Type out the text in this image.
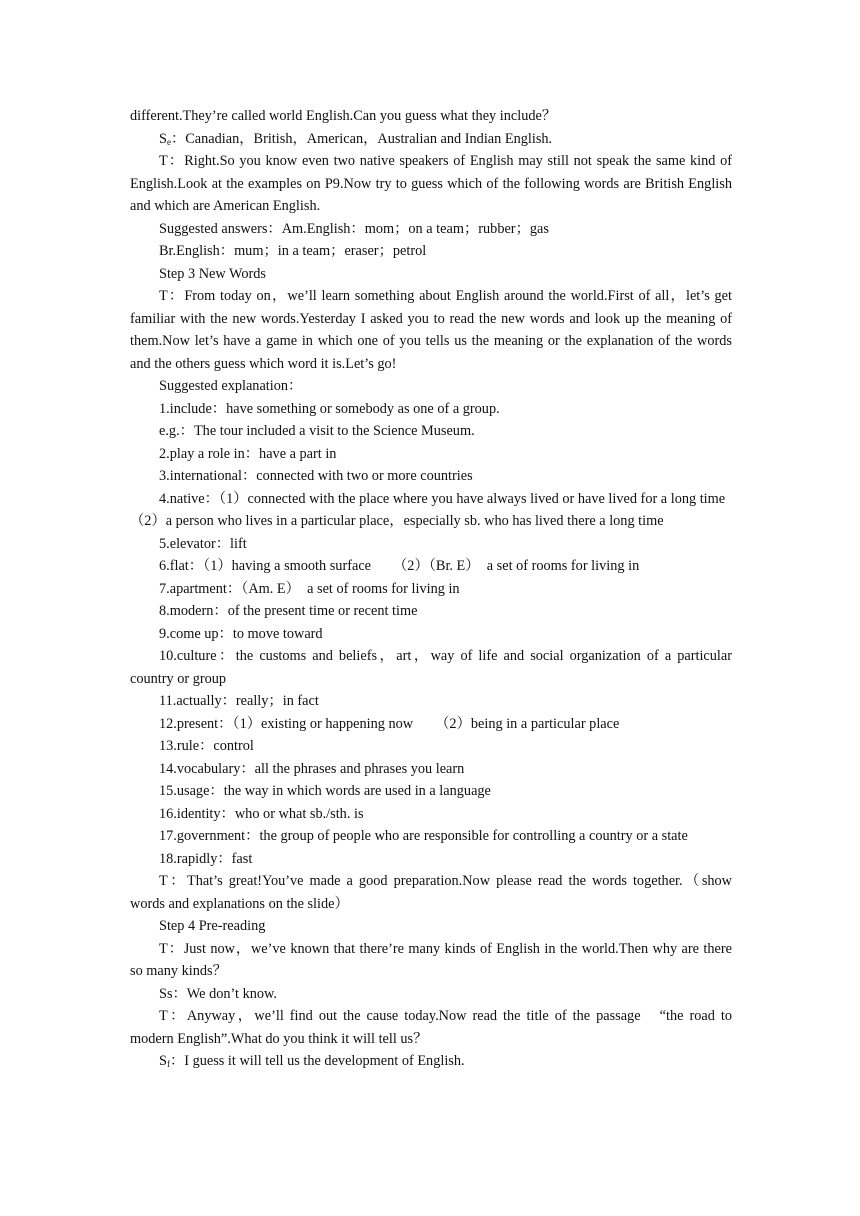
different.They’re called world English.Can you guess what they include？

$S_e$：Canadian，British，American，Australian and Indian English.

T：Right.So you know even two native speakers of English may still not speak the same kind of English.Look at the examples on P9.Now try to guess which of the following words are British English and which are American English.

Suggested answers：Am.English：mom；on a team；rubber；gas

Br.English：mum；in a team；eraser；petrol

Step 3 New Words

T：From today on，we’ll learn something about English around the world.First of all，let’s get familiar with the new words.Yesterday I asked you to read the new words and look up the meaning of them.Now let’s have a game in which one of you tells us the meaning or the explanation of the words and the others guess which word it is.Let’s go!

Suggested explanation：

1.include：have something or somebody as one of a group.

e.g.：The tour included a visit to the Science Museum.

2.play a role in：have a part in

3.international：connected with two or more countries

4.native：（1）connected with the place where you have always lived or have lived for a long time

（2）a person who lives in a particular place，especially sb. who has lived there a long time

5.elevator：lift

6.flat：（1）having a smooth surface （2）（Br. E）　a set of rooms for living in

7.apartment：（Am. E）　a set of rooms for living in

8.modern：of the present time or recent time

9.come up：to move toward

10.culture：the customs and beliefs，art，way of life and social organization of a particular country or group

11.actually：really；in fact

12.present：（1）existing or happening now （2）being in a particular place

13.rule：control

14.vocabulary：all the phrases and phrases you learn

15.usage：the way in which words are used in a language

16.identity：who or what sb./sth. is

17.government：the group of people who are responsible for controlling a country or a state

18.rapidly：fast

T：That’s great!You’ve made a good preparation.Now please read the words together.（show words and explanations on the slide）

Step 4 Pre-reading

T：Just now，we’ve known that there’re many kinds of English in the world.Then why are there so many kinds？

Ss：We don’t know.

T：Anyway，we’ll find out the cause today.Now read the title of the passage　“the road to modern English”.What do you think it will tell us？

$S_f$：I guess it will tell us the development of English.
